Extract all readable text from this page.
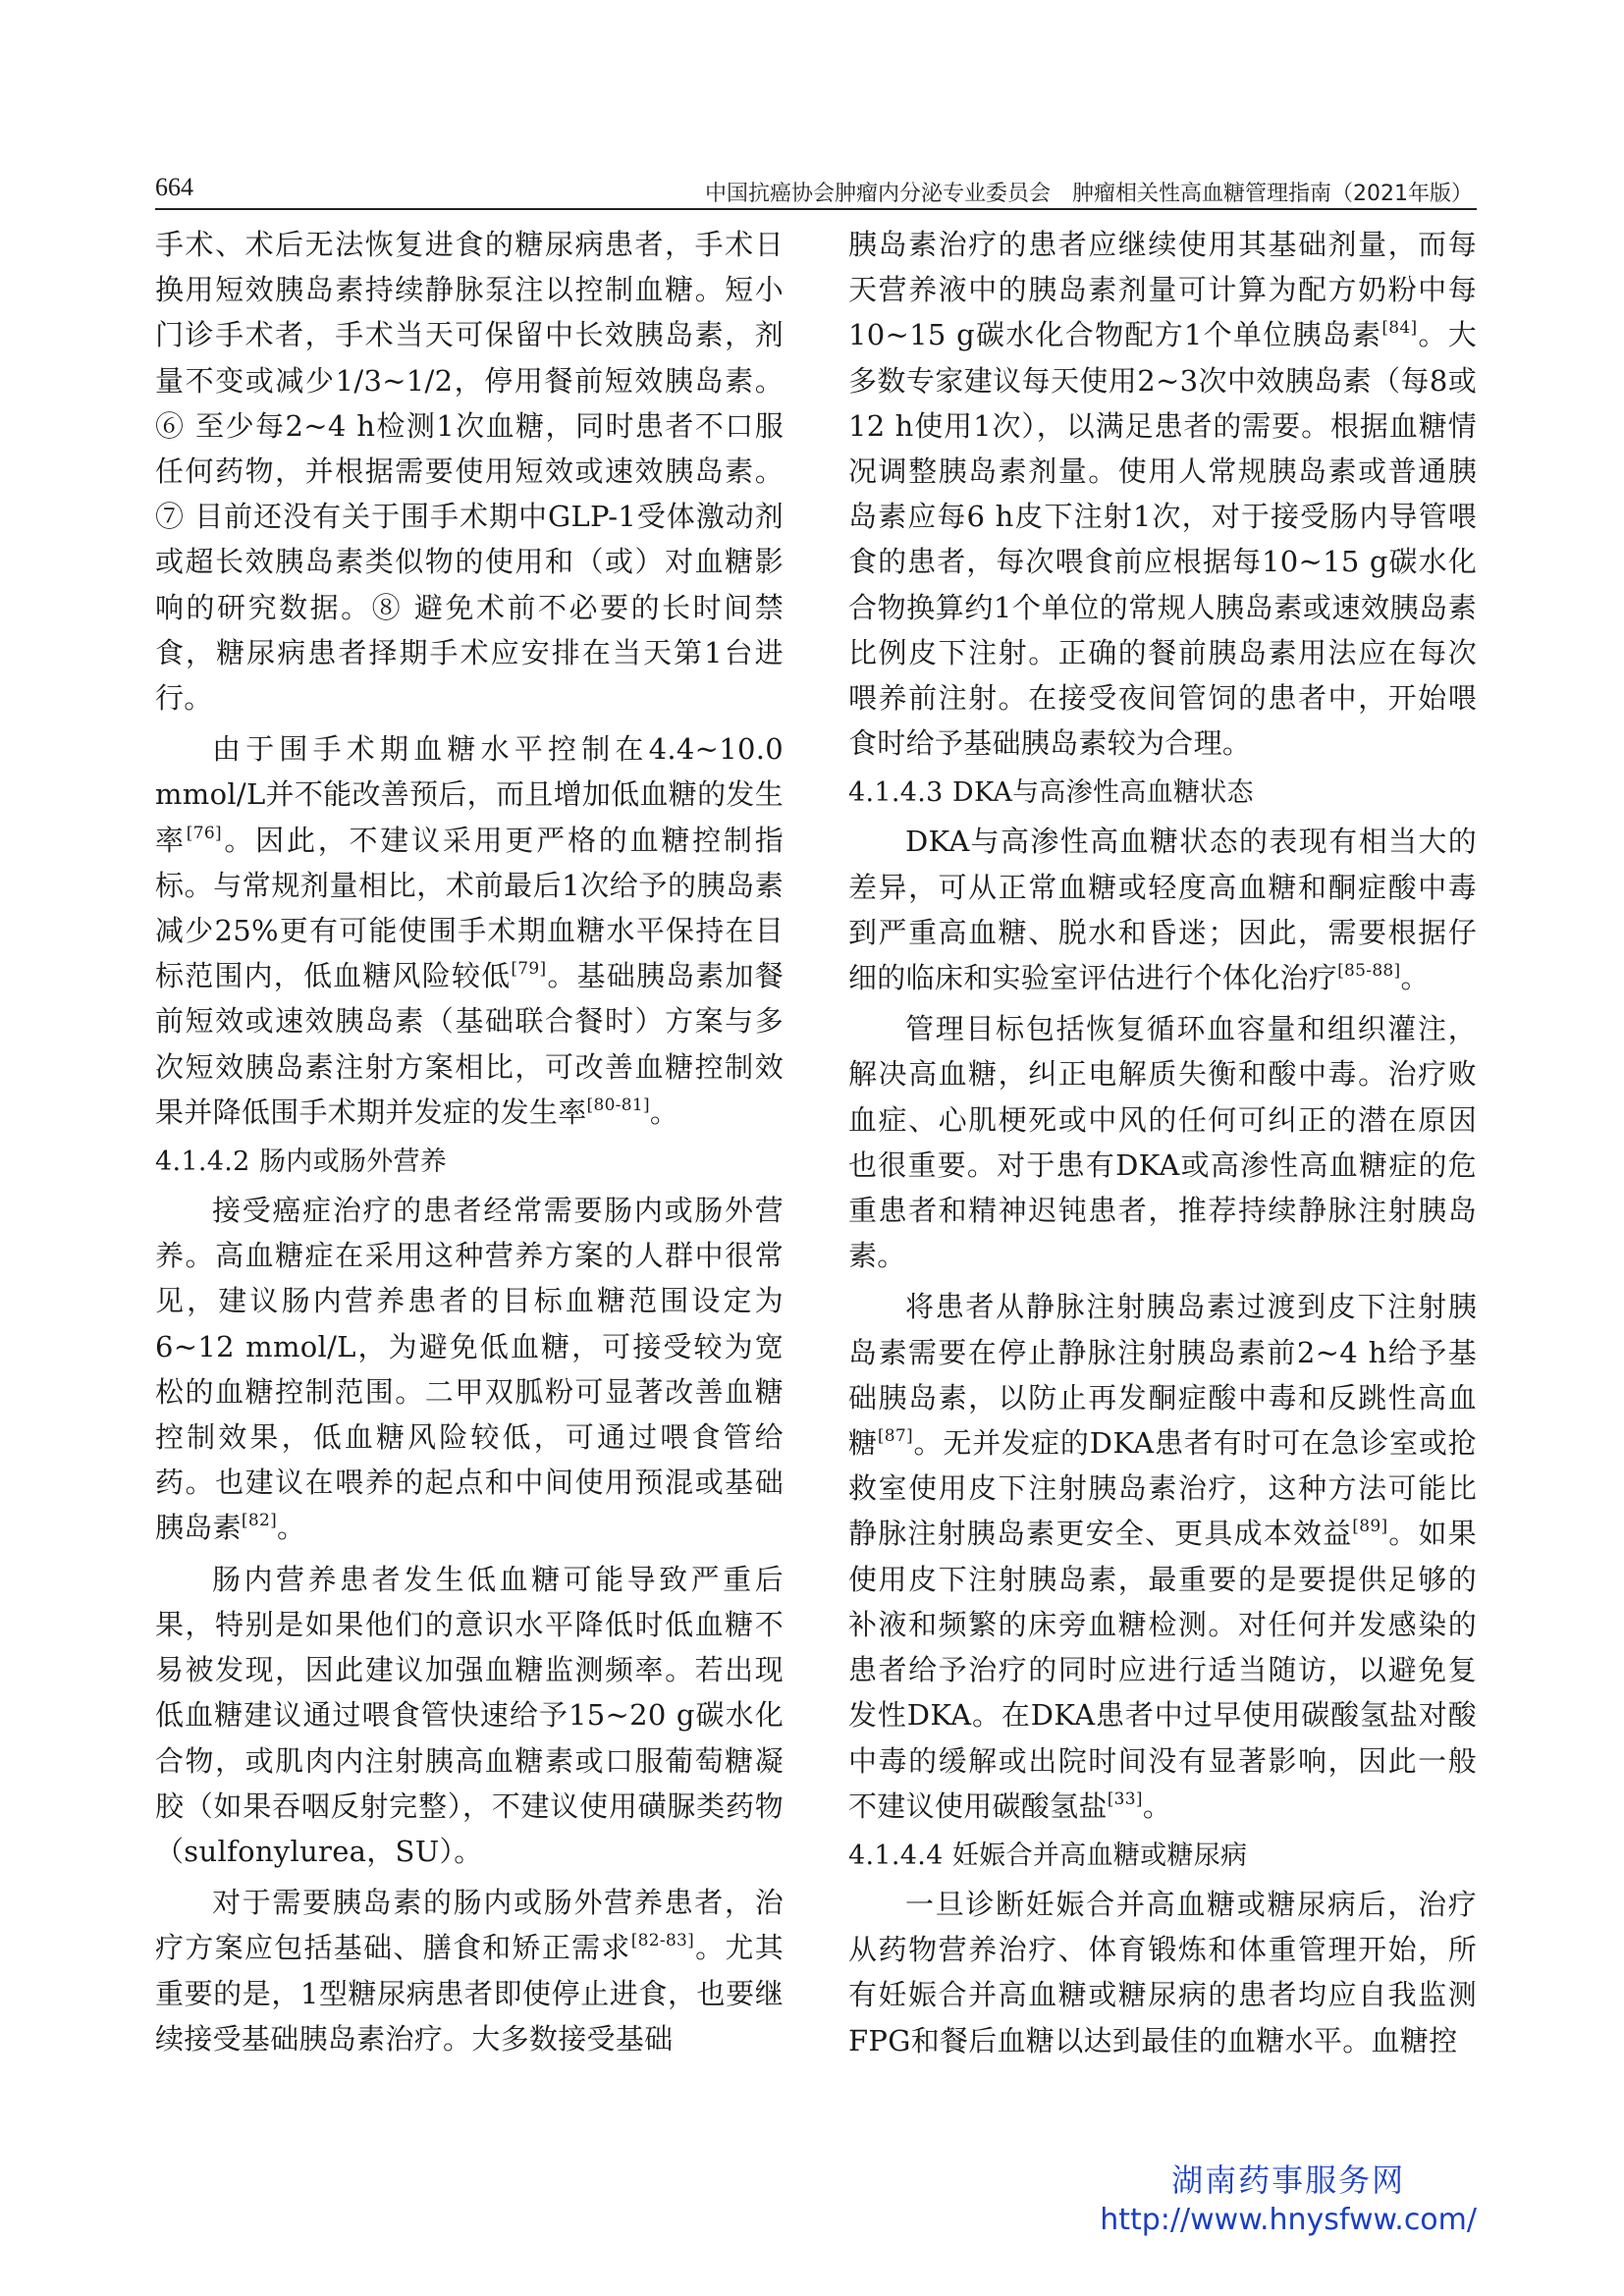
664	中国抗癌协会肿瘤内分泌专业委员会　肿瘤相关性高血糖管理指南（2021年版）

手术、术后无法恢复进食的糖尿病患者，手术日换用短效胰岛素持续静脉泵注以控制血糖。短小门诊手术者，手术当天可保留中长效胰岛素，剂量不变或减少1/3~1/2，停用餐前短效胰岛素。⑥ 至少每2~4 h检测1次血糖，同时患者不口服任何药物，并根据需要使用短效或速效胰岛素。⑦ 目前还没有关于围手术期中GLP-1受体激动剂或超长效胰岛素类似物的使用和（或）对血糖影响的研究数据。⑧ 避免术前不必要的长时间禁食，糖尿病患者择期手术应安排在当天第1台进行。

由于围手术期血糖水平控制在4.4~10.0 mmol/L并不能改善预后，而且增加低血糖的发生率[76]。因此，不建议采用更严格的血糖控制指标。与常规剂量相比，术前最后1次给予的胰岛素减少25%更有可能使围手术期血糖水平保持在目标范围内，低血糖风险较低[79]。基础胰岛素加餐前短效或速效胰岛素（基础联合餐时）方案与多次短效胰岛素注射方案相比，可改善血糖控制效果并降低围手术期并发症的发生率[80-81]。

4.1.4.2 肠内或肠外营养

接受癌症治疗的患者经常需要肠内或肠外营养。高血糖症在采用这种营养方案的人群中很常见，建议肠内营养患者的目标血糖范围设定为6~12 mmol/L，为避免低血糖，可接受较为宽松的血糖控制范围。二甲双胍粉可显著改善血糖控制效果，低血糖风险较低，可通过喂食管给药。也建议在喂养的起点和中间使用预混或基础胰岛素[82]。

肠内营养患者发生低血糖可能导致严重后果，特别是如果他们的意识水平降低时低血糖不易被发现，因此建议加强血糖监测频率。若出现低血糖建议通过喂食管快速给予15~20 g碳水化合物，或肌肉内注射胰高血糖素或口服葡萄糖凝胶（如果吞咽反射完整），不建议使用磺脲类药物（sulfonylurea，SU）。

对于需要胰岛素的肠内或肠外营养患者，治疗方案应包括基础、膳食和矫正需求[82-83]。尤其重要的是，1型糖尿病患者即使停止进食，也要继续接受基础胰岛素治疗。大多数接受基础

胰岛素治疗的患者应继续使用其基础剂量，而每天营养液中的胰岛素剂量可计算为配方奶粉中每10~15 g碳水化合物配方1个单位胰岛素[84]。大多数专家建议每天使用2~3次中效胰岛素（每8或12 h使用1次），以满足患者的需要。根据血糖情况调整胰岛素剂量。使用人常规胰岛素或普通胰岛素应每6 h皮下注射1次，对于接受肠内导管喂食的患者，每次喂食前应根据每10~15 g碳水化合物换算约1个单位的常规人胰岛素或速效胰岛素比例皮下注射。正确的餐前胰岛素用法应在每次喂养前注射。在接受夜间管饲的患者中，开始喂食时给予基础胰岛素较为合理。

4.1.4.3 DKA与高渗性高血糖状态

DKA与高渗性高血糖状态的表现有相当大的差异，可从正常血糖或轻度高血糖和酮症酸中毒到严重高血糖、脱水和昏迷；因此，需要根据仔细的临床和实验室评估进行个体化治疗[85-88]。

管理目标包括恢复循环血容量和组织灌注，解决高血糖，纠正电解质失衡和酸中毒。治疗败血症、心肌梗死或中风的任何可纠正的潜在原因也很重要。对于患有DKA或高渗性高血糖症的危重患者和精神迟钝患者，推荐持续静脉注射胰岛素。

将患者从静脉注射胰岛素过渡到皮下注射胰岛素需要在停止静脉注射胰岛素前2~4 h给予基础胰岛素，以防止再发酮症酸中毒和反跳性高血糖[87]。无并发症的DKA患者有时可在急诊室或抢救室使用皮下注射胰岛素治疗，这种方法可能比静脉注射胰岛素更安全、更具成本效益[89]。如果使用皮下注射胰岛素，最重要的是要提供足够的补液和频繁的床旁血糖检测。对任何并发感染的患者给予治疗的同时应进行适当随访，以避免复发性DKA。在DKA患者中过早使用碳酸氢盐对酸中毒的缓解或出院时间没有显著影响，因此一般不建议使用碳酸氢盐[33]。

4.1.4.4 妊娠合并高血糖或糖尿病

一旦诊断妊娠合并高血糖或糖尿病后，治疗从药物营养治疗、体育锻炼和体重管理开始，所有妊娠合并高血糖或糖尿病的患者均应自我监测FPG和餐后血糖以达到最佳的血糖水平。血糖控

湖南药事服务网
http://www.hnysfww.com/
